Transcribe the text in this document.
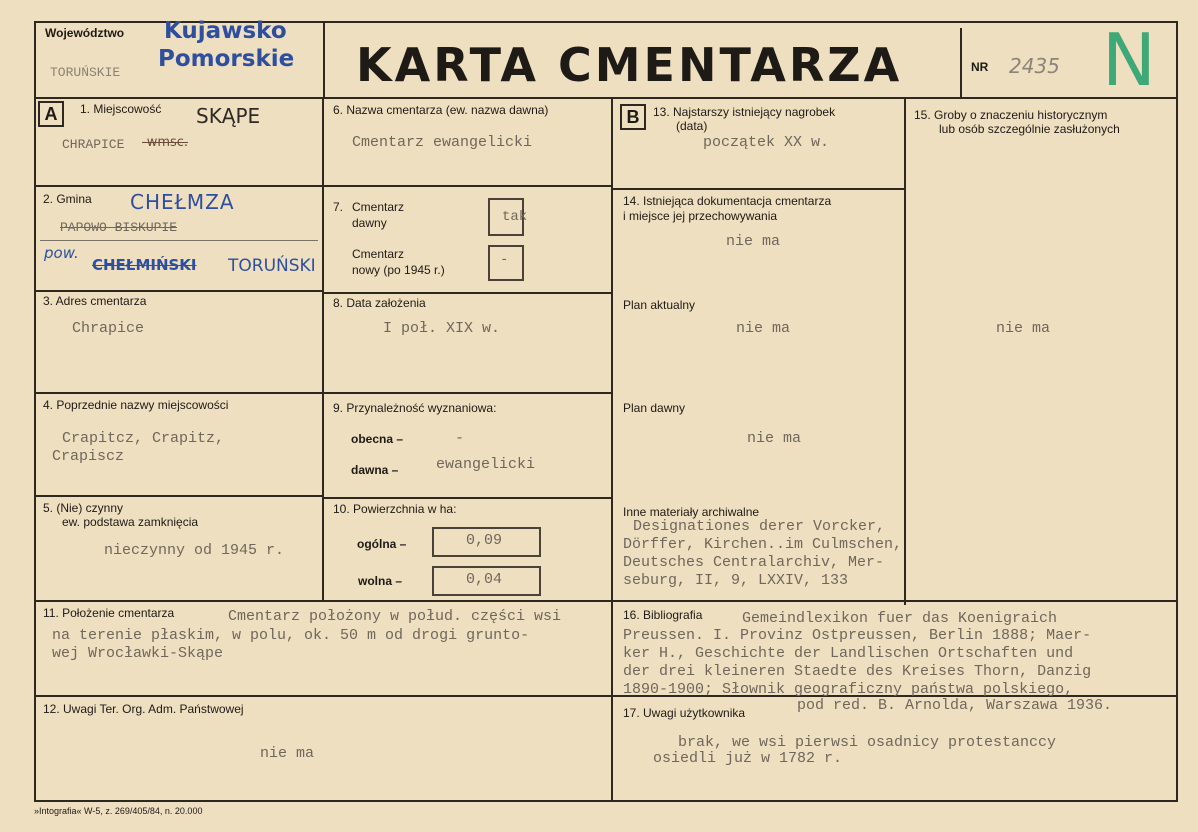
Województwo Kujawsko
Pomorskie
TORUŃSKIE	KARTA CMENTARZA	NR 2435 N
A	1. Miejscowość SKĄPE
CHRAPICE -wmsc.
2. Gmina CHEŁMZA
PAPOWO BISKUPIE
pow.
CHEŁMIŃSKI TORUŃSKI
3. Adres cmentarza
Chrapice
4. Poprzednie nazwy miejscowości
Crapitcz, Crapitz,
Crapiscz
5. (Nie) czynny
ew. podstawa zamknięcia
nieczynny od 1945 r.
6. Nazwa cmentarza (ew. nazwa dawna)
Cmentarz ewangelicki
7. Cmentarz
dawny	tak
Cmentarz
nowy (po 1945 r.)
-
8. Data założenia
I poł. XIX w.
9. Przynależność wyznaniowa:
obecna –	-
dawna –	ewangelicki
10. Powierzchnia w ha:
ogólna –	0,09
wolna –	0,04
B	13. Najstarszy istniejący nagrobek
(data)
początek XX w.
14. Istniejąca dokumentacja cmentarza
i miejsce jej przechowywania
nie ma
Plan aktualny
nie ma
Plan dawny
nie ma
Inne materiały archiwalne
Designationes derer Vorcker,
Dörffer, Kirchen..im Culmschen,
Deutsches Centralarchiv, Mer-
seburg, II, 9, LXXIV, 133
15. Groby o znaczeniu historycznym
lub osób szczególnie zasłużonych
nie ma
11. Położenie cmentarza	Cmentarz położony w połud. części wsi
na terenie płaskim, w polu, ok. 50 m od drogi grunto-
wej Wrocławki-Skąpe
16. Bibliografia	Gemeindlexikon fuer das Koenigraich
Preussen. I. Provinz Ostpreussen, Berlin 1888; Maer-
ker H., Geschichte der Landlischen Ortschaften und
der drei kleineren Staedte des Kreises Thorn, Danzig
1890-1900; Słownik geograficzny państwa polskiego,
pod red. B. Arnolda, Warszawa 1936.
12. Uwagi Ter. Org. Adm. Państwowej
nie ma
17. Uwagi użytkownika
brak, we wsi pierwsi osadnicy protestanccy
osiedli już w 1782 r.
»Intografia« W-5, z. 269/405/84, n. 20.000
